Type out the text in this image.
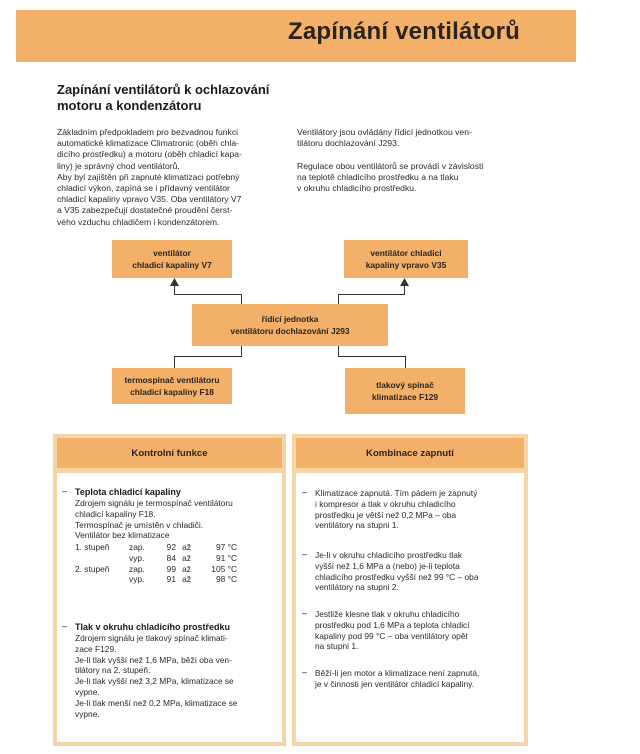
Zapínání ventilátorů
Zapínání ventilátorů k ochlazování
motoru a kondenzátoru
Základním předpokladem pro bezvadnou funkci
automatické klimatizace Climatronic (oběh chla-
dicího prostředku) a motoru (oběh chladicí kapa-
liny) je správný chod ventilátorů.
Aby byl zajištěn při zapnuté klimatizaci potřebný
chladicí výkon, zapíná se i přídavný ventilátor
chladicí kapaliny vpravo V35. Oba ventilátory V7
a V35 zabezpečují dostatečné proudění čerst-
vého vzduchu chladičem i kondenzátorem.
Ventilátory jsou ovládány řídicí jednotkou ven-
tilátoru dochlazování J293.
Regulace obou ventilátorů se provádí v závislosti
na teplotě chladicího prostředku a na tlaku
v okruhu chladicího prostředku.
ventilátor
chladicí kapaliny V7
ventilátor chladicí
kapaliny vpravo V35
řídicí jednotka
ventilátoru dochlazování J293
termospínač ventilátoru
chladicí kapaliny F18
tlakový spínač
klimatizace F129
Kontrolní funkce
– Teplota chladicí kapaliny
Zdrojem signálu je termospínač ventilátoru
chladicí kapaliny F18.
Termospínač je umístěn v chladiči.
Ventilátor bez klimatizace
1. stupeň	zap.	92	až	97 °C
	vyp.	84	až	91 °C
2. stupeň	zap.	99	až	105 °C
	vyp.	91	až	98 °C
– Tlak v okruhu chladicího prostředku
Zdrojem signálu je tlakový spínač klimati-
zace F129.
Je-li tlak vyšší než 1,6 MPa, běží oba ven-
tilátory na 2. stupeň.
Je-li tlak vyšší než 3,2 MPa, klimatizace se
vypne.
Je-li tlak menší než 0,2 MPa, klimatizace se
vypne.
Kombinace zapnutí
– Klimatizace zapnutá. Tím pádem je zapnutý
i kompresor a tlak v okruhu chladicího
prostředku je větší než 0,2 MPa – oba
ventilátory na stupni 1.
– Je-li v okruhu chladicího prostředku tlak
vyšší než 1,6 MPa a (nebo) je-li teplota
chladicího prostředku vyšší než 99 °C – oba
ventilátory na stupni 2.
– Jestliže klesne tlak v okruhu chladicího
prostředku pod 1,6 MPa a teplota chladicí
kapaliny pod 99 °C – oba ventilátory opět
na stupni 1.
– Běží-li jen motor a klimatizace není zapnutá,
je v činnosti jen ventilátor chladicí kapaliny.
